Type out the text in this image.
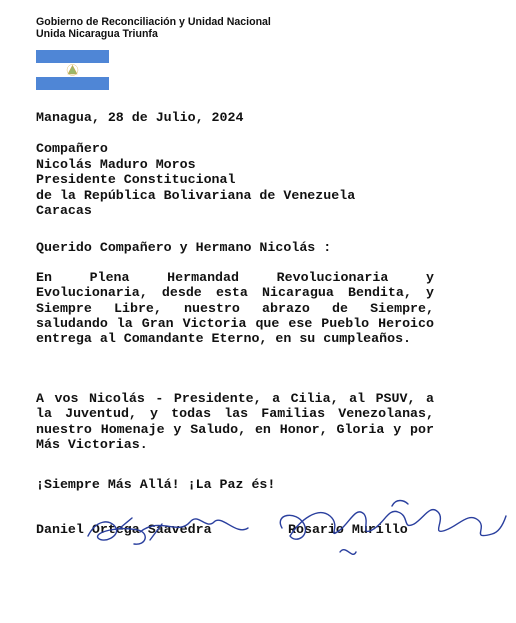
Gobierno de Reconciliación y Unidad Nacional
Unida Nicaragua Triunfa
Managua, 28 de Julio, 2024
Compañero
Nicolás Maduro Moros
Presidente Constitucional
de la República Bolivariana de Venezuela
Caracas
Querido Compañero y Hermano Nicolás :
En Plena Hermandad Revolucionaria y Evolucionaria, desde esta Nicaragua Bendita, y Siempre Libre, nuestro abrazo de Siempre, saludando la Gran Victoria que ese Pueblo Heroico entrega al Comandante Eterno, en su cumpleaños.
A vos Nicolás - Presidente, a Cilia, al PSUV, a la Juventud, y todas las Familias Venezolanas, nuestro Homenaje y Saludo, en Honor, Gloria y por Más Victorias.
¡Siempre Más Allá! ¡La Paz és!
Daniel Ortega Saavedra	Rosario Murillo
